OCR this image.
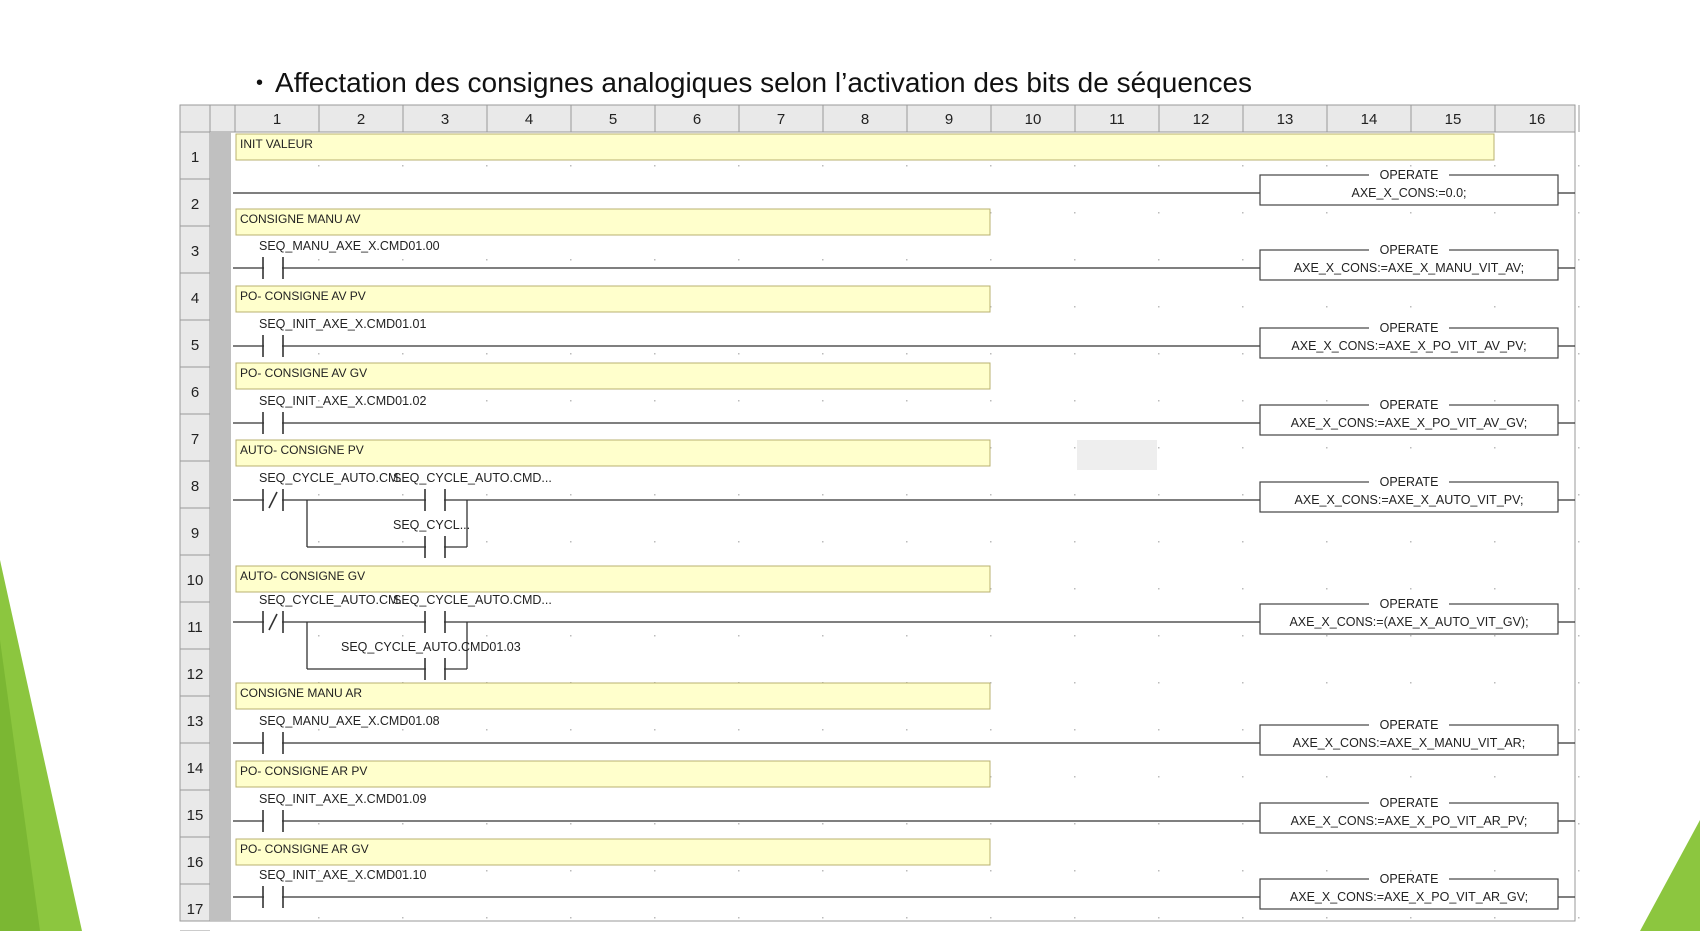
• Affectation des consignes analogiques selon l’activation des bits de séquences
1	2	3	4	5	6	7	8	9	10	11	12	13	14	15	16
1
2
3
4
5
6
7
8
9
10
11
12
13
14
15
16
17
INIT VALEUR
CONSIGNE MANU AV
PO- CONSIGNE AV PV
PO- CONSIGNE AV GV
AUTO- CONSIGNE PV
AUTO- CONSIGNE GV
CONSIGNE MANU AR
PO- CONSIGNE AR PV
PO- CONSIGNE AR GV
OPERATE
AXE_X_CONS:=0.0;
SEQ_MANU_AXE_X.CMD01.00	OPERATE
AXE_X_CONS:=AXE_X_MANU_VIT_AV;
SEQ_INIT_AXE_X.CMD01.01	OPERATE
AXE_X_CONS:=AXE_X_PO_VIT_AV_PV;
SEQ_INIT_AXE_X.CMD01.02	OPERATE
AXE_X_CONS:=AXE_X_PO_VIT_AV_GV;
SEQ_CYCLE_AUTO.CM...
SEQ_CYCLE_AUTO.CMD...
SEQ_CYCL...
OPERATE
AXE_X_CONS:=AXE_X_AUTO_VIT_PV;
SEQ_CYCLE_AUTO.CM...
SEQ_CYCLE_AUTO.CMD...
SEQ_CYCLE_AUTO.CMD01.03
OPERATE
AXE_X_CONS:=(AXE_X_AUTO_VIT_GV);
SEQ_MANU_AXE_X.CMD01.08	OPERATE
AXE_X_CONS:=AXE_X_MANU_VIT_AR;
SEQ_INIT_AXE_X.CMD01.09	OPERATE
AXE_X_CONS:=AXE_X_PO_VIT_AR_PV;
SEQ_INIT_AXE_X.CMD01.10	OPERATE
AXE_X_CONS:=AXE_X_PO_VIT_AR_GV;
